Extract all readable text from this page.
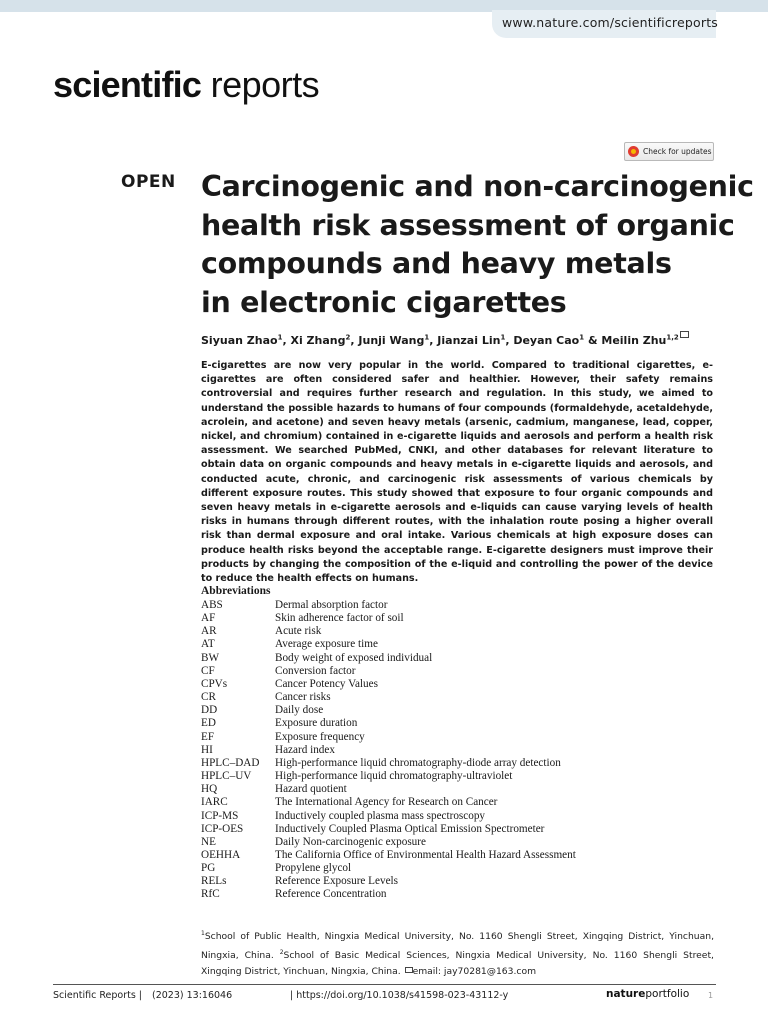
www.nature.com/scientificreports
scientific reports
Check for updates
OPEN Carcinogenic and non-carcinogenic
health risk assessment of organic
compounds and heavy metals
in electronic cigarettes
Siyuan Zhao$^1$, Xi Zhang$^2$, Junji Wang$^1$, Jianzai Lin$^1$, Deyan Cao$^1$ & Meilin Zhu$^{1,2}$

E-cigarettes are now very popular in the world. Compared to traditional cigarettes, e-cigarettes are often considered safer and healthier. However, their safety remains controversial and requires further research and regulation. In this study, we aimed to understand the possible hazards to humans of four compounds (formaldehyde, acetaldehyde, acrolein, and acetone) and seven heavy metals (arsenic, cadmium, manganese, lead, copper, nickel, and chromium) contained in e-cigarette liquids and aerosols and perform a health risk assessment. We searched PubMed, CNKI, and other databases for relevant literature to obtain data on organic compounds and heavy metals in e-cigarette liquids and aerosols, and conducted acute, chronic, and carcinogenic risk assessments of various chemicals by different exposure routes. This study showed that exposure to four organic compounds and seven heavy metals in e-cigarette aerosols and e-liquids can cause varying levels of health risks in humans through different routes, with the inhalation route posing a higher overall risk than dermal exposure and oral intake. Various chemicals at high exposure doses can produce health risks beyond the acceptable range. E-cigarette designers must improve their products by changing the composition of the e-liquid and controlling the power of the device to reduce the health effects on humans.

Abbreviations
ABS	Dermal absorption factor
AF	Skin adherence factor of soil
AR	Acute risk
AT	Average exposure time
BW	Body weight of exposed individual
CF	Conversion factor
CPVs	Cancer Potency Values
CR	Cancer risks
DD	Daily dose
ED	Exposure duration
EF	Exposure frequency
HI	Hazard index
HPLC–DAD	High-performance liquid chromatography-diode array detection
HPLC–UV	High-performance liquid chromatography-ultraviolet
HQ	Hazard quotient
IARC	The International Agency for Research on Cancer
ICP-MS	Inductively coupled plasma mass spectroscopy
ICP-OES	Inductively Coupled Plasma Optical Emission Spectrometer
NE	Daily Non-carcinogenic exposure
OEHHA	The California Office of Environmental Health Hazard Assessment
PG	Propylene glycol
RELs	Reference Exposure Levels
RfC	Reference Concentration

$^1$School of Public Health, Ningxia Medical University, No. 1160 Shengli Street, Xingqing District, Yinchuan, Ningxia, China. $^2$School of Basic Medical Sciences, Ningxia Medical University, No. 1160 Shengli Street, Xingqing District, Yinchuan, Ningxia, China. email: jay70281@163.com

Scientific Reports | (2023) 13:16046	| https://doi.org/10.1038/s41598-023-43112-y	natureportfolio 1
